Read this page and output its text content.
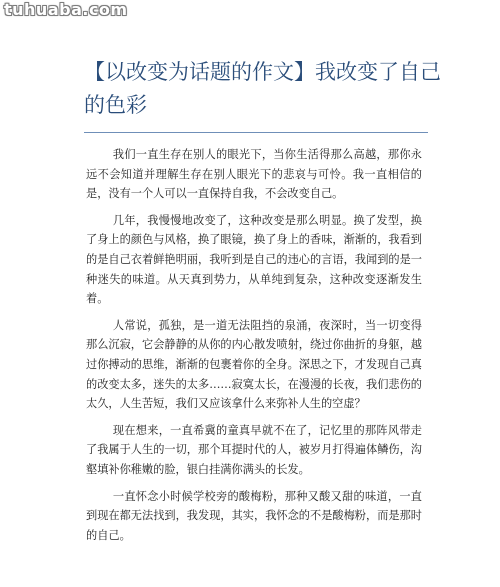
tuhuaba.com
【以改变为话题的作文】我改变了自己的色彩

我们一直生存在别人的眼光下，当你生活得那么高越，那你永远不会知道并理解生存在别人眼光下的悲哀与可怜。我一直相信的是，没有一个人可以一直保持自我，不会改变自己。

几年，我慢慢地改变了，这种改变是那么明显。换了发型，换了身上的颜色与风格，换了眼镜，换了身上的香味，渐渐的，我看到的是自己衣着鲜艳明丽，我听到是自己的违心的言语，我闻到的是一种迷失的味道。从天真到势力，从单纯到复杂，这种改变逐渐发生着。

人常说，孤独，是一道无法阻挡的泉涌，夜深时，当一切变得那么沉寂，它会静静的从你的内心散发喷射，绕过你曲折的身躯，越过你搏动的思维，渐渐的包裹着你的全身。深思之下，才发现自己真的改变太多，迷失的太多……寂寞太长，在漫漫的长夜，我们悲伤的太久，人生苦短，我们又应该拿什么来弥补人生的空虚？

现在想来，一直希冀的童真早就不在了，记忆里的那阵风带走了我属于人生的一切，那个耳提时代的人，被岁月打得遍体鳞伤，沟壑填补你稚嫩的脸，银白挂满你满头的长发。

一直怀念小时候学校旁的酸梅粉，那种又酸又甜的味道，一直到现在都无法找到，我发现，其实，我怀念的不是酸梅粉，而是那时的自己。
